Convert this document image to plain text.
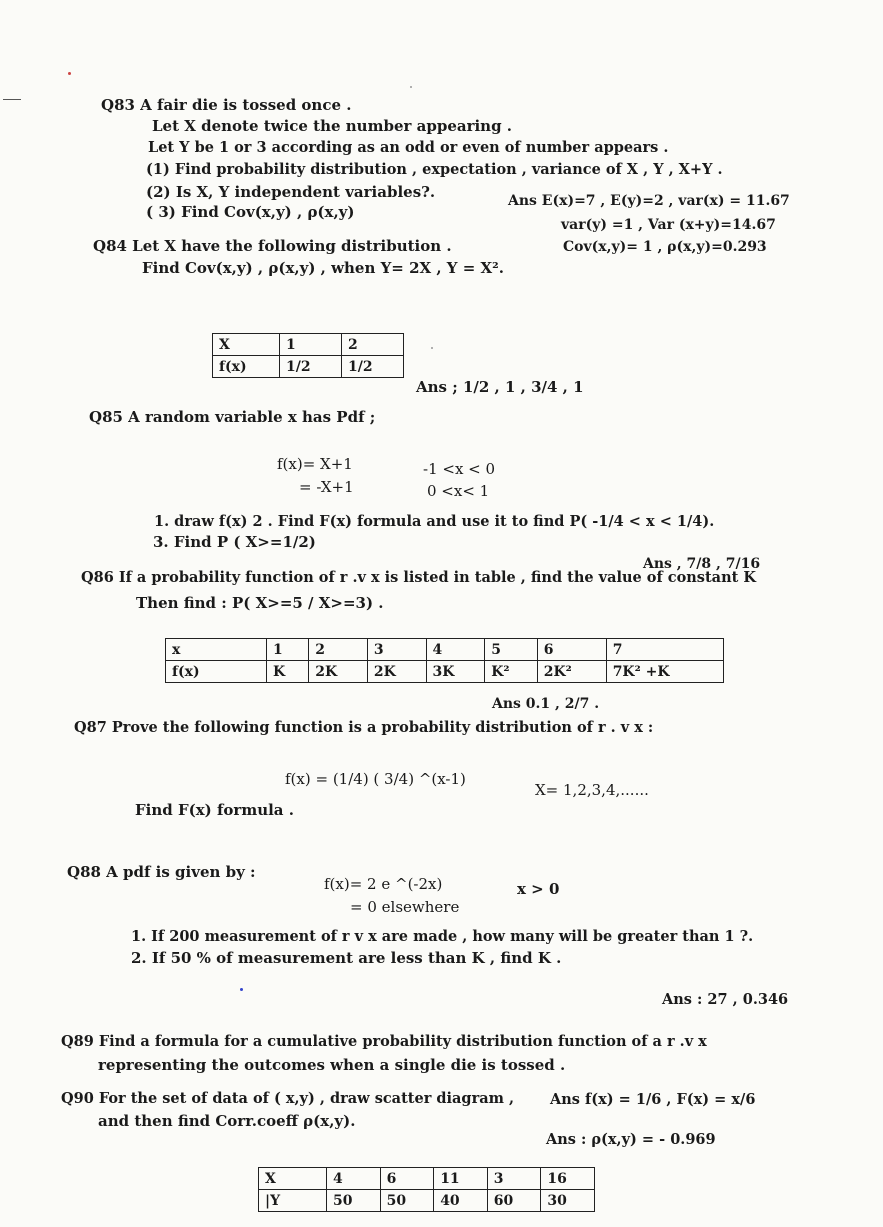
Q83 A fair die is tossed once .
Let X denote twice the number appearing .
Let Y be 1 or 3 according as an odd or even of number appears .
(1) Find probability distribution , expectation , variance of X , Y , X+Y .
(2) Is X, Y independent variables?.
( 3) Find Cov(x,y) , ρ(x,y)
Ans E(x)=7 , E(y)=2 , var(x) = 11.67
var(y) =1 , Var (x+y)=14.67
Cov(x,y)= 1 , ρ(x,y)=0.293
Q84 Let X have the following distribution .
Find Cov(x,y) , ρ(x,y) , when Y= 2X , Y = X².
X	1	2
f(x)	1/2	1/2
Ans ; 1/2 , 1 , 3/4 , 1
Q85 A random variable x has Pdf ;
f(x)= X+1	-1 <x < 0
= -X+1	0 <x< 1
1. draw f(x) 2 . Find F(x) formula and use it to find P( -1/4 < x < 1/4).
3. Find P ( X>=1/2)
Ans , 7/8 , 7/16
Q86 If a probability function of r .v x is listed in table , find the value of constant K
Then find : P( X>=5 / X>=3) .
x	1	2	3	4	5	6	7
f(x)	K	2K	2K	3K	K²	2K²	7K² +K
Ans 0.1 , 2/7 .
Q87 Prove the following function is a probability distribution of r . v x :
f(x) = (1/4) ( 3/4) ^(x-1)
X= 1,2,3,4,......
Find F(x) formula .
Q88 A pdf is given by :
f(x)= 2 e ^(-2x)	x > 0
= 0 elsewhere
1. If 200 measurement of r v x are made , how many will be greater than 1 ?.
2. If 50 % of measurement are less than K , find K .
Ans : 27 , 0.346
Q89 Find a formula for a cumulative probability distribution function of a r .v x
representing the outcomes when a single die is tossed .
Ans f(x) = 1/6 , F(x) = x/6
Q90 For the set of data of ( x,y) , draw scatter diagram ,
and then find Corr.coeff ρ(x,y).
Ans : ρ(x,y) = - 0.969
X	4	6	11	3	16
|Y	50	50	40	60	30
